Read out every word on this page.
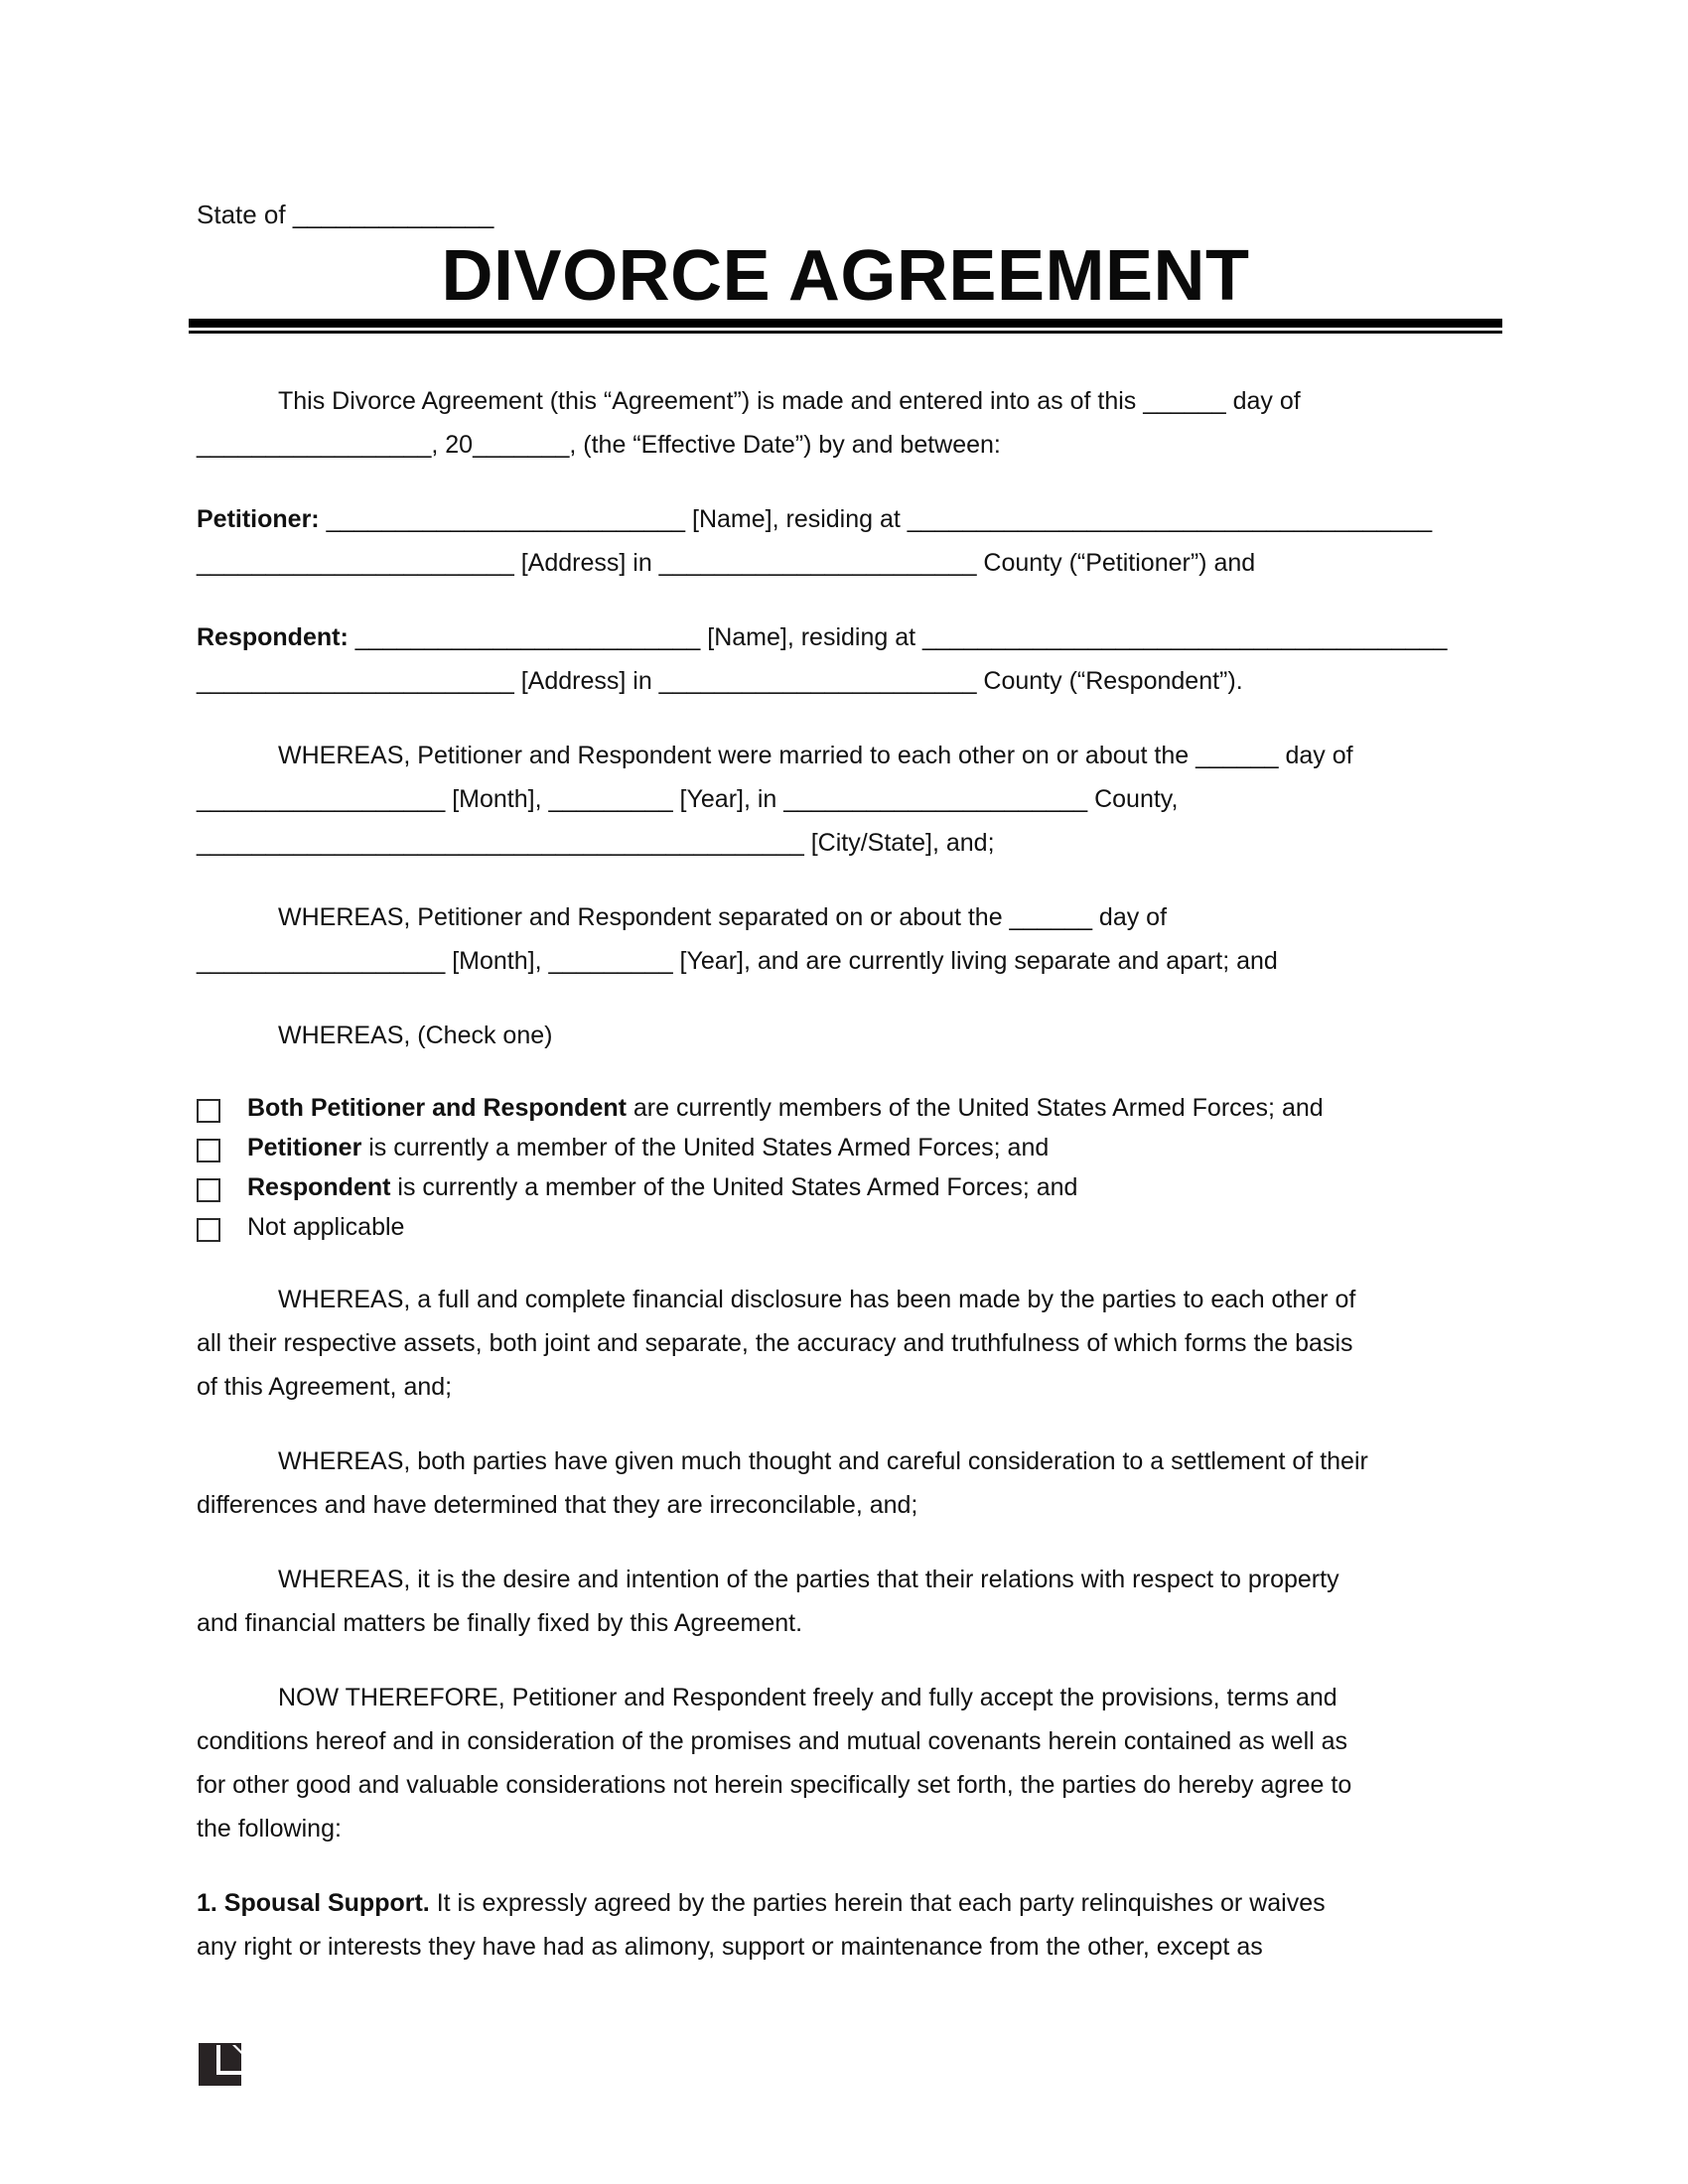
State of ______________
DIVORCE AGREEMENT
This Divorce Agreement (this “Agreement”) is made and entered into as of this ______ day of
_________________, 20_______, (the “Effective Date”) by and between:
Petitioner: __________________________ [Name], residing at ______________________________________
_______________________ [Address] in _______________________ County (“Petitioner”) and
Respondent: _________________________ [Name], residing at ______________________________________
_______________________ [Address] in _______________________ County (“Respondent”).
WHEREAS, Petitioner and Respondent were married to each other on or about the ______ day of
__________________ [Month], _________ [Year], in ______________________ County,
____________________________________________ [City/State], and;
WHEREAS, Petitioner and Respondent separated on or about the ______ day of
__________________ [Month], _________ [Year], and are currently living separate and apart; and
WHEREAS, (Check one)
Both Petitioner and Respondent are currently members of the United States Armed Forces; and
Petitioner is currently a member of the United States Armed Forces; and
Respondent is currently a member of the United States Armed Forces; and
Not applicable
WHEREAS, a full and complete financial disclosure has been made by the parties to each other of
all their respective assets, both joint and separate, the accuracy and truthfulness of which forms the basis
of this Agreement, and;
WHEREAS, both parties have given much thought and careful consideration to a settlement of their
differences and have determined that they are irreconcilable, and;
WHEREAS, it is the desire and intention of the parties that their relations with respect to property
and financial matters be finally fixed by this Agreement.
NOW THEREFORE, Petitioner and Respondent freely and fully accept the provisions, terms and
conditions hereof and in consideration of the promises and mutual covenants herein contained as well as
for other good and valuable considerations not herein specifically set forth, the parties do hereby agree to
the following:
1. Spousal Support. It is expressly agreed by the parties herein that each party relinquishes or waives
any right or interests they have had as alimony, support or maintenance from the other, except as
